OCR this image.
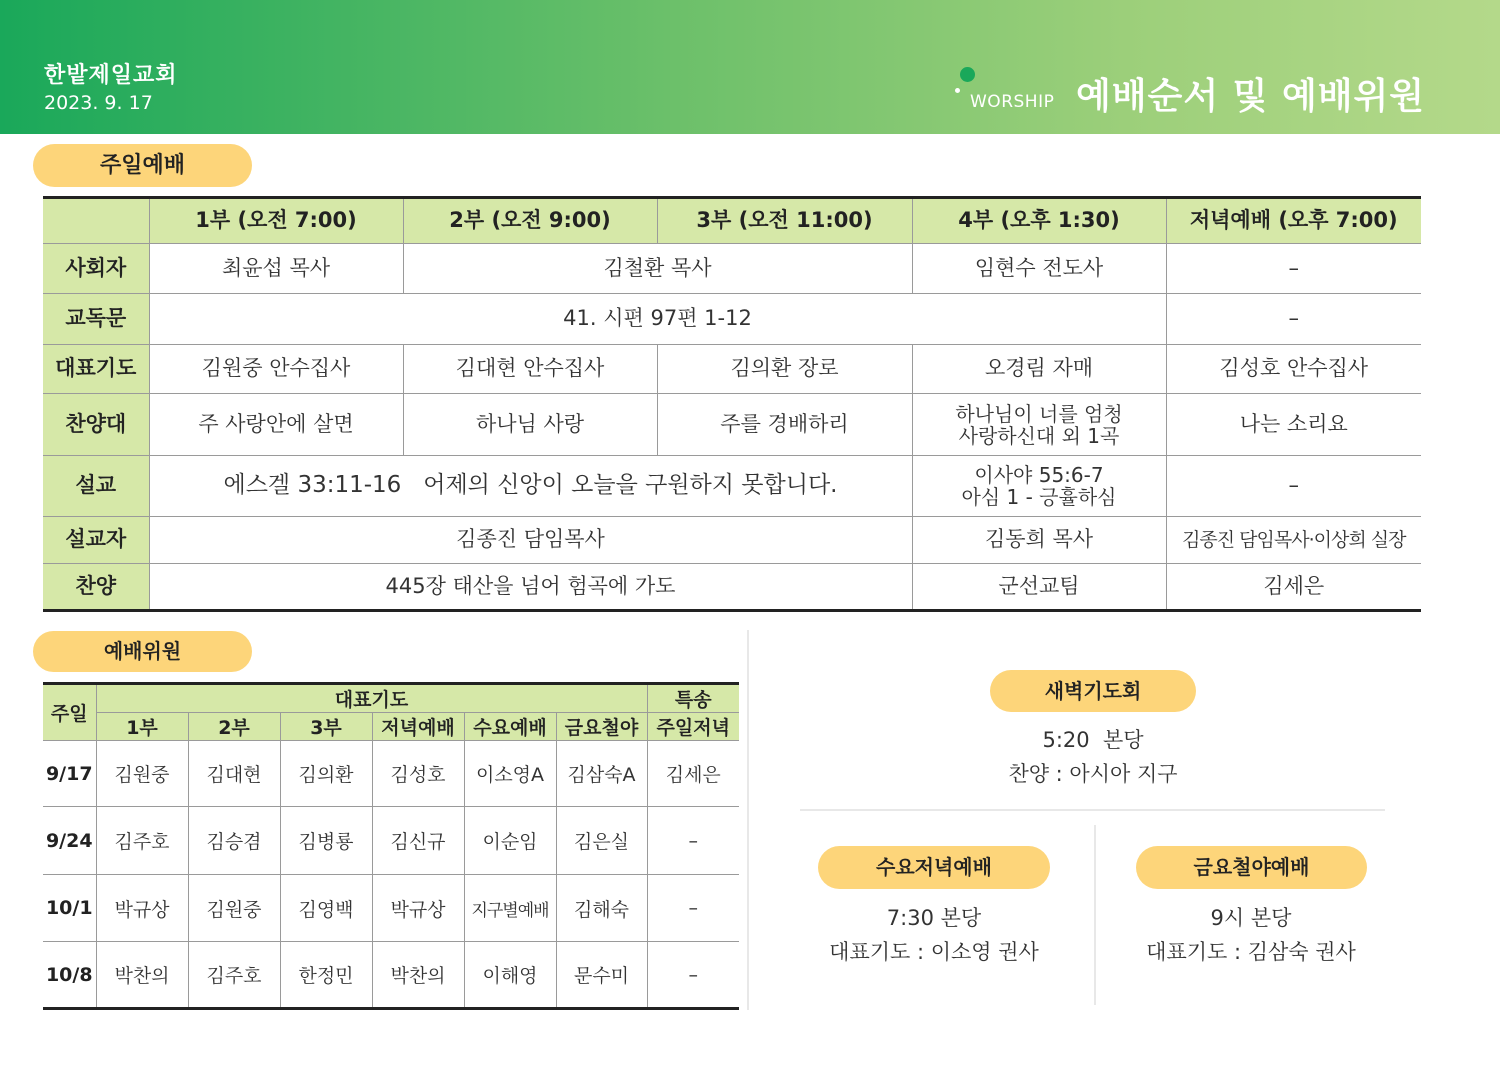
한밭제일교회
2023. 9. 17	WORSHIP 예배순서 및 예배위원
주일예배
	1부 (오전 7:00)	2부 (오전 9:00)	3부 (오전 11:00)	4부 (오후 1:30)	저녁예배 (오후 7:00)
사회자	최윤섭 목사	김철환 목사		임현수 전도사	–
교독문	41. 시편 97편 1-12				–
대표기도	김원중 안수집사	김대현 안수집사	김의환 장로	오경림 자매	김성호 안수집사
찬양대	주 사랑안에 살면	하나님 사랑	주를 경배하리	하나님이 너를 엄청
사랑하신대 외 1곡	나는 소리요
설교	에스겔 33:11-16   어제의 신앙이 오늘을 구원하지 못합니다.			이사야 55:6-7
아심 1 - 긍휼하심	–
설교자	김종진 담임목사			김동희 목사	김종진 담임목사·이상희 실장
찬양	445장 태산을 넘어 험곡에 가도			군선교팀	김세은
예배위원
주일	대표기도						특송
	1부	2부	3부	저녁예배	수요예배	금요철야	주일저녁
9/17	김원중	김대현	김의환	김성호	이소영A	김삼숙A	김세은
9/24	김주호	김승겸	김병룡	김신규	이순임	김은실	–
10/1	박규상	김원중	김영백	박규상	지구별예배	김해숙	–
10/8	박찬의	김주호	한정민	박찬의	이해영	문수미	–
새벽기도회
5:20  본당
찬양 : 아시아 지구
수요저녁예배
7:30 본당
대표기도 : 이소영 권사
금요철야예배
9시 본당
대표기도 : 김삼숙 권사
